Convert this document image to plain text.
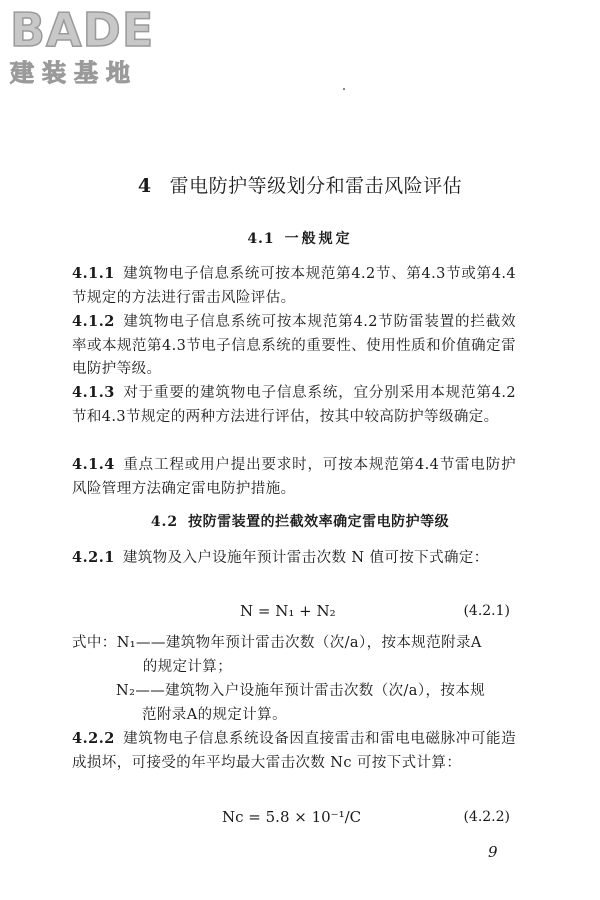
BADE
建装基地
4 雷电防护等级划分和雷击风险评估
4.1 一般规定
4.1.1 建筑物电子信息系统可按本规范第4.2节、第4.3节或第4.4节规定的方法进行雷击风险评估。
4.1.2 建筑物电子信息系统可按本规范第4.2节防雷装置的拦截效率或本规范第4.3节电子信息系统的重要性、使用性质和价值确定雷电防护等级。
4.1.3 对于重要的建筑物电子信息系统，宜分别采用本规范第4.2节和4.3节规定的两种方法进行评估，按其中较高防护等级确定。
4.1.4 重点工程或用户提出要求时，可按本规范第4.4节雷电防护风险管理方法确定雷电防护措施。
4.2 按防雷装置的拦截效率确定雷电防护等级
4.2.1 建筑物及入户设施年预计雷击次数 N 值可按下式确定：
N = N₁ + N₂	(4.2.1)
式中：N₁——建筑物年预计雷击次数（次/a），按本规范附录A
的规定计算；
N₂——建筑物入户设施年预计雷击次数（次/a），按本规
范附录A的规定计算。
4.2.2 建筑物电子信息系统设备因直接雷击和雷电电磁脉冲可能造成损坏，可接受的年平均最大雷击次数 Nc 可按下式计算：
Nc = 5.8 × 10⁻¹/C	(4.2.2)
9
